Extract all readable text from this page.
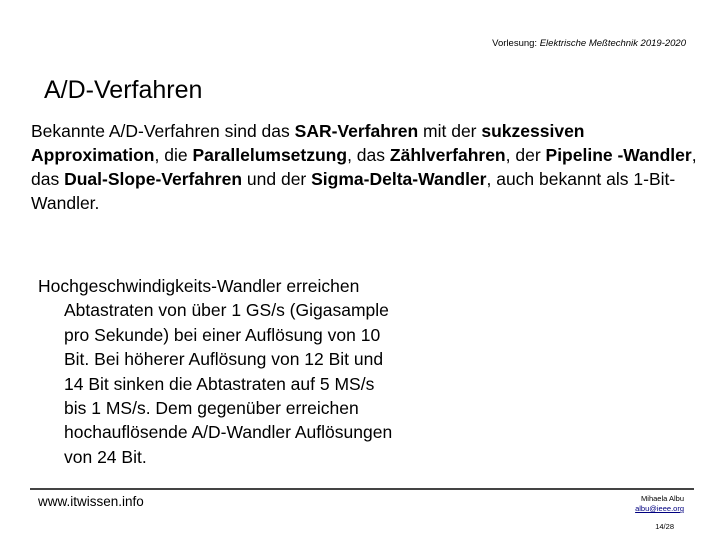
Vorlesung: Elektrische Meßtechnik 2019-2020
A/D-Verfahren

Bekannte A/D-Verfahren sind das SAR-Verfahren mit der sukzessiven Approximation, die Parallelumsetzung, das Zählverfahren, der Pipeline -Wandler, das Dual-Slope-Verfahren und der Sigma-Delta-Wandler, auch bekannt als 1-Bit-Wandler.

Hochgeschwindigkeits-Wandler erreichen
Abtastraten von über 1 GS/s (Gigasample
pro Sekunde) bei einer Auflösung von 10
Bit. Bei höherer Auflösung von 12 Bit und
14 Bit sinken die Abtastraten auf 5 MS/s
bis 1 MS/s. Dem gegenüber erreichen
hochauflösende A/D-Wandler Auflösungen
von 24 Bit.

www.itwissen.info	Mihaela Albu
albu@ieee.org
14/28
